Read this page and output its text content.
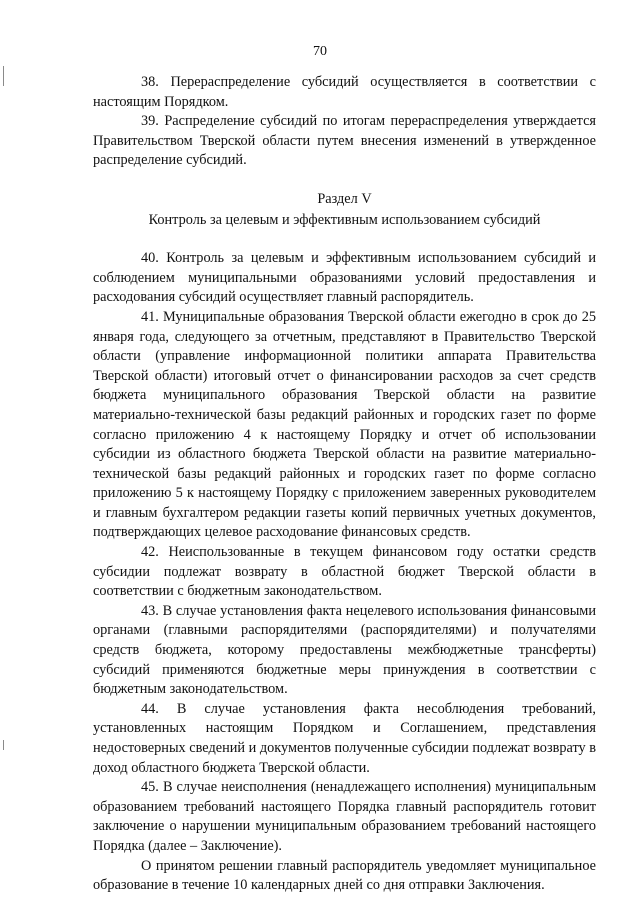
70

38. Перераспределение субсидий осуществляется в соответствии с настоящим Порядком.

39. Распределение субсидий по итогам перераспределения утверждается Правительством Тверской области путем внесения изменений в утвержденное распределение субсидий.

Раздел V

Контроль за целевым и эффективным использованием субсидий

40. Контроль за целевым и эффективным использованием субсидий и соблюдением муниципальными образованиями условий предоставления и расходования субсидий осуществляет главный распорядитель.

41. Муниципальные образования Тверской области ежегодно в срок до 25 января года, следующего за отчетным, представляют в Правительство Тверской области (управление информационной политики аппарата Правительства Тверской области) итоговый отчет о финансировании расходов за счет средств бюджета муниципального образования Тверской области на развитие материально-технической базы редакций районных и городских газет по форме согласно приложению 4 к настоящему Порядку и отчет об использовании субсидии из областного бюджета Тверской области на развитие материально-технической базы редакций районных и городских газет по форме согласно приложению 5 к настоящему Порядку с приложением заверенных руководителем и главным бухгалтером редакции газеты копий первичных учетных документов, подтверждающих целевое расходование финансовых средств.

42. Неиспользованные в текущем финансовом году остатки средств субсидии подлежат возврату в областной бюджет Тверской области в соответствии с бюджетным законодательством.

43. В случае установления факта нецелевого использования финансовыми органами (главными распорядителями (распорядителями) и получателями средств бюджета, которому предоставлены межбюджетные трансферты) субсидий применяются бюджетные меры принуждения в соответствии с бюджетным законодательством.

44. В случае установления факта несоблюдения требований, установленных настоящим Порядком и Соглашением, представления недостоверных сведений и документов полученные субсидии подлежат возврату в доход областного бюджета Тверской области.

45. В случае неисполнения (ненадлежащего исполнения) муниципальным образованием требований настоящего Порядка главный распорядитель готовит заключение о нарушении муниципальным образованием требований настоящего Порядка (далее – Заключение).

О принятом решении главный распорядитель уведомляет муниципальное образование в течение 10 календарных дней со дня отправки Заключения.
